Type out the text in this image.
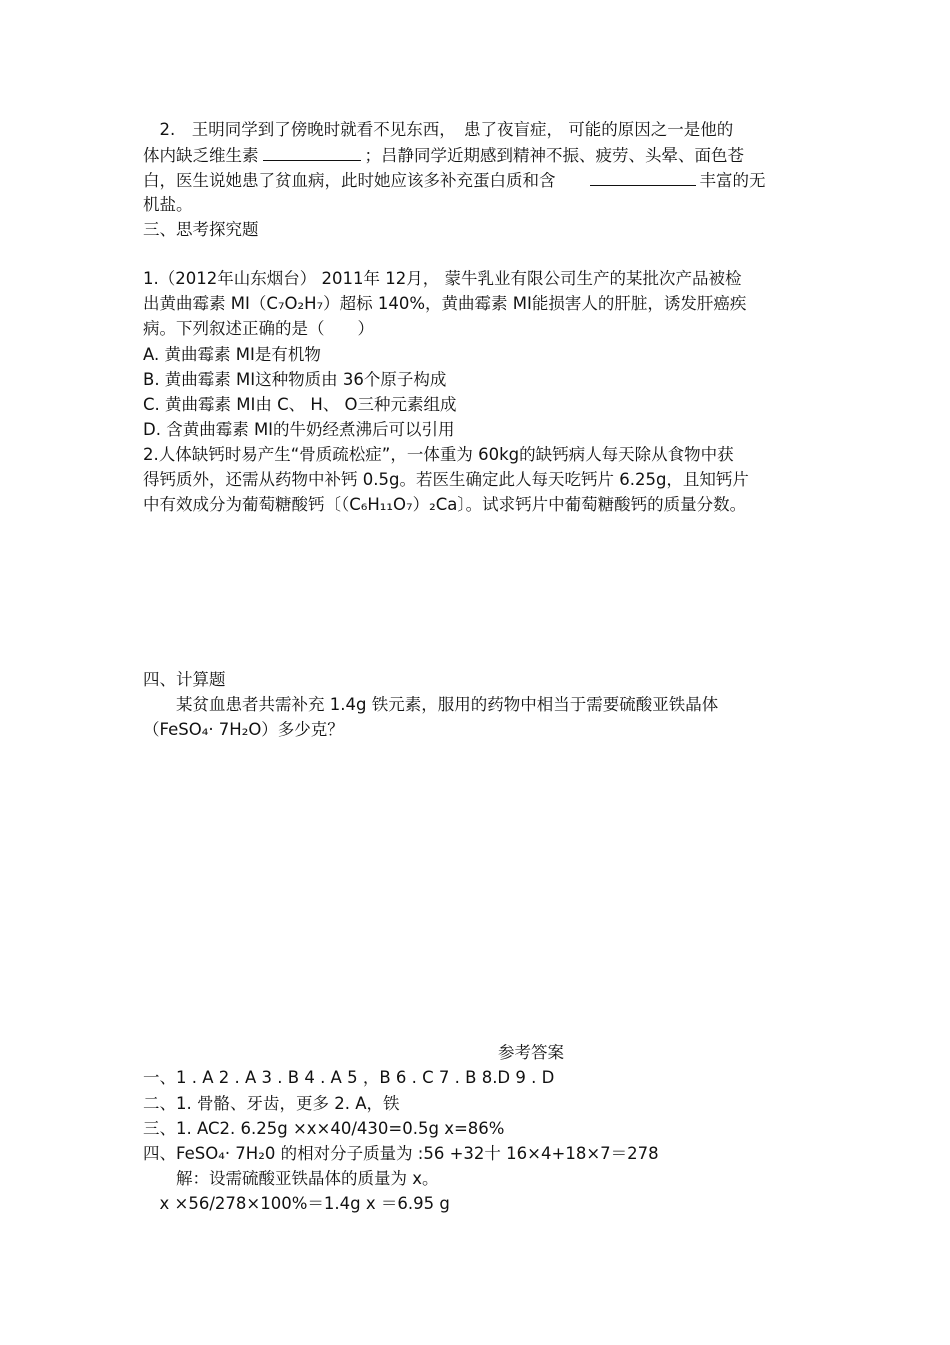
　2.　王明同学到了傍晚时就看不见东西，　患了夜盲症， 可能的原因之一是他的
体内缺乏维生素	；吕静同学近期感到精神不振、疲劳、头晕、面色苍
白，医生说她患了贫血病，此时她应该多补充蛋白质和含	丰富的无
机盐。
三、思考探究题
1.（2012年山东烟台） 2011年 12月， 蒙牛乳业有限公司生产的某批次产品被检
出黄曲霉素 MI（C₇O₂H₇）超标 140%，黄曲霉素 MI能损害人的肝脏，诱发肝癌疾
病。下列叙述正确的是（　　）
A. 黄曲霉素 MI是有机物
B. 黄曲霉素 MI这种物质由 36个原子构成
C. 黄曲霉素 MI由 C、 H、 O三种元素组成
D. 含黄曲霉素 MI的牛奶经煮沸后可以引用
2.人体缺钙时易产生“骨质疏松症”，一体重为 60kg的缺钙病人每天除从食物中获
得钙质外，还需从药物中补钙 0.5g。若医生确定此人每天吃钙片 6.25g，且知钙片
中有效成分为葡萄糖酸钙〔（C₆H₁₁O₇）₂Ca〕。试求钙片中葡萄糖酸钙的质量分数。
四、计算题
　　某贫血患者共需补充 1.4g 铁元素，服用的药物中相当于需要硫酸亚铁晶体
（FeSO₄· 7H₂O）多少克？
参考答案
一、1 . A 2 . A 3 . B 4 . A 5 ，B 6 . C 7 . B 8.D 9 . D
二、1. 骨骼、牙齿，更多 2. A，铁
三、1. AC2. 6.25g ×x×40/430=0.5g x=86%
四、FeSO₄· 7H₂0 的相对分子质量为 :56 +32十 16×4+18×7＝278
　　解：设需硫酸亚铁晶体的质量为 x。
　x ×56/278×100%＝1.4g x ＝6.95 g
